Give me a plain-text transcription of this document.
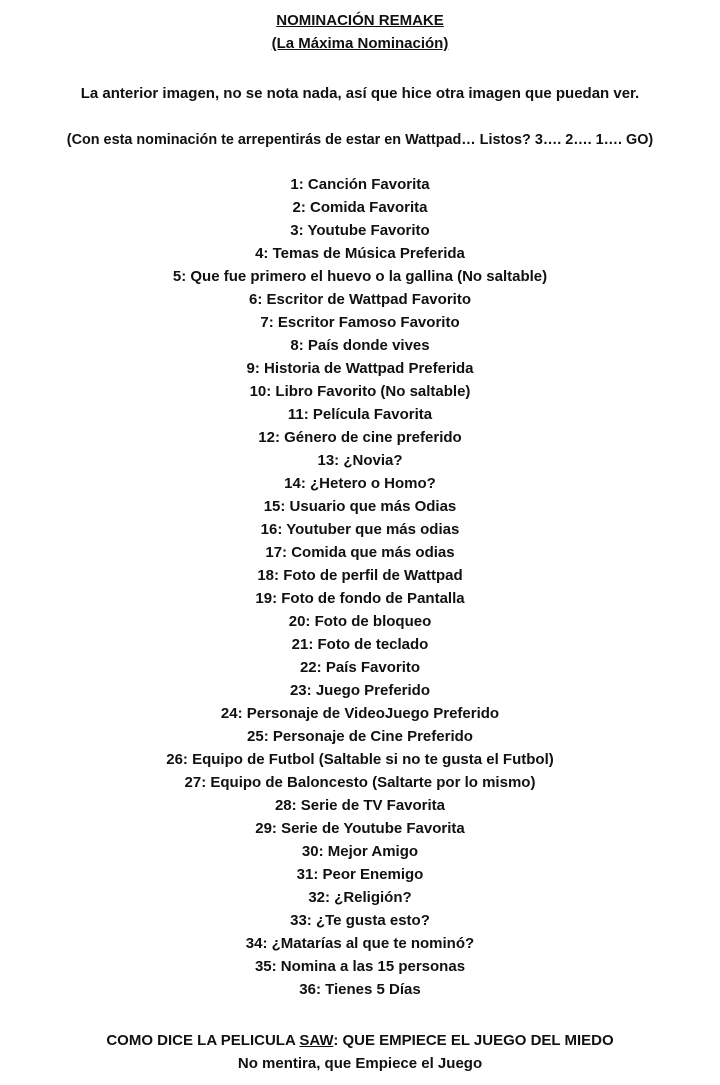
NOMINACIÓN REMAKE
(La Máxima Nominación)
La anterior imagen, no se nota nada, así que hice otra imagen que puedan ver.
(Con esta nominación te arrepentirás de estar en Wattpad… Listos? 3…. 2…. 1…. GO)
1: Canción Favorita
2: Comida Favorita
3: Youtube Favorito
4: Temas de Música Preferida
5: Que fue primero el huevo o la gallina (No saltable)
6: Escritor de Wattpad Favorito
7: Escritor Famoso Favorito
8: País donde vives
9: Historia de Wattpad Preferida
10: Libro Favorito (No saltable)
11: Película Favorita
12: Género de cine preferido
13: ¿Novia?
14: ¿Hetero o Homo?
15: Usuario que más Odias
16: Youtuber que más odias
17: Comida que más odias
18: Foto de perfil de Wattpad
19: Foto de fondo de Pantalla
20: Foto de bloqueo
21: Foto de teclado
22: País Favorito
23: Juego Preferido
24: Personaje de VideoJuego Preferido
25: Personaje de Cine Preferido
26: Equipo de Futbol (Saltable si no te gusta el Futbol)
27: Equipo de Baloncesto (Saltarte por lo mismo)
28: Serie de TV Favorita
29: Serie de Youtube Favorita
30: Mejor Amigo
31: Peor Enemigo
32: ¿Religión?
33: ¿Te gusta esto?
34: ¿Matarías al que te nominó?
35: Nomina a las 15 personas
36: Tienes 5 Días
COMO DICE LA PELICULA SAW: QUE EMPIECE EL JUEGO DEL MIEDO
No mentira, que Empiece el Juego
